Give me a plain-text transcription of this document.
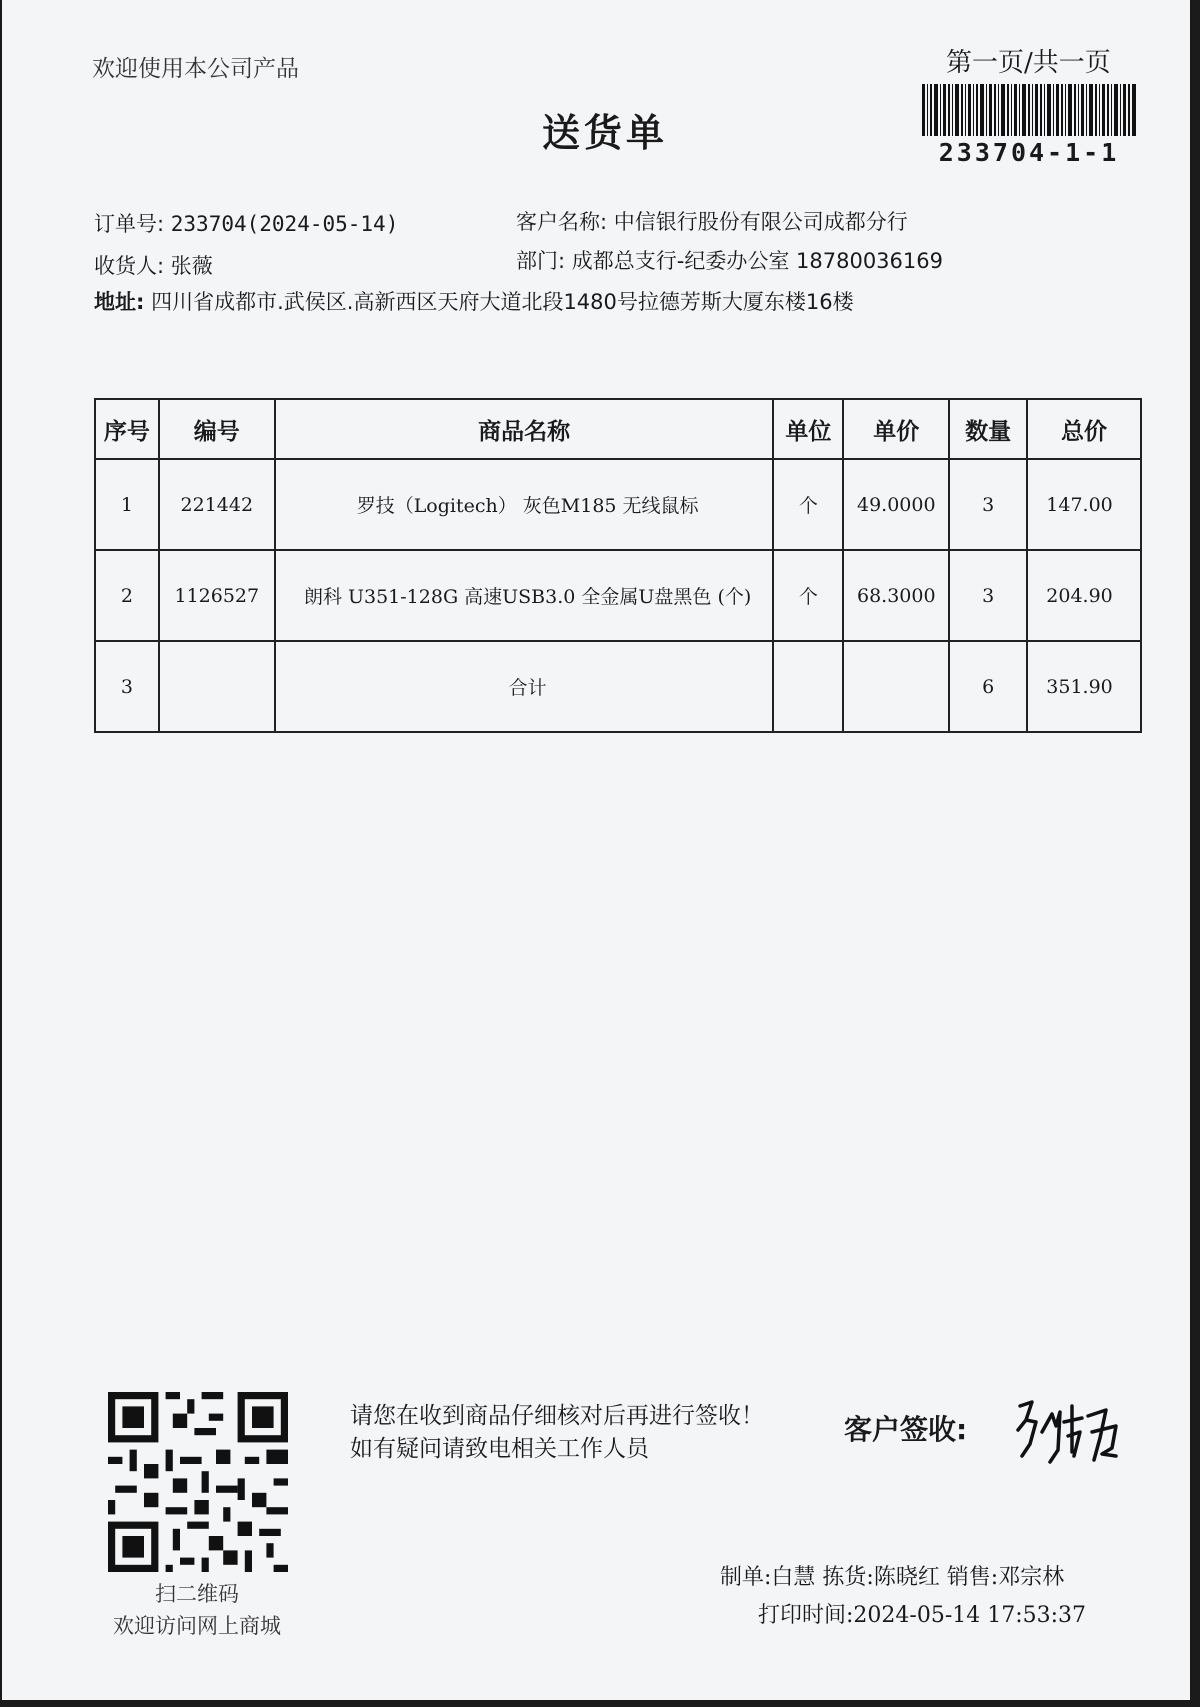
欢迎使用本公司产品
送货单
第一页/共一页
233704-1-1
订单号: 233704(2024-05-14)	客户名称: 中信银行股份有限公司成都分行
收货人: 张薇	部门: 成都总支行-纪委办公室 18780036169
地址: 四川省成都市.武侯区.高新西区天府大道北段1480号拉德芳斯大厦东楼16楼
序号	编号	商品名称	单位	单价	数量	总价
1	221442	罗技（Logitech） 灰色M185 无线鼠标	个	49.0000	3	147.00
2	1126527	朗科 U351-128G 高速USB3.0 全金属U盘黑色 (个)	个	68.3000	3	204.90
3		合计			6	351.90
扫二维码
欢迎访问网上商城
请您在收到商品仔细核对后再进行签收！如有疑问请致电相关工作人员
客户签收:
制单:白慧 拣货:陈晓红 销售:邓宗林
打印时间:2024-05-14 17:53:37
